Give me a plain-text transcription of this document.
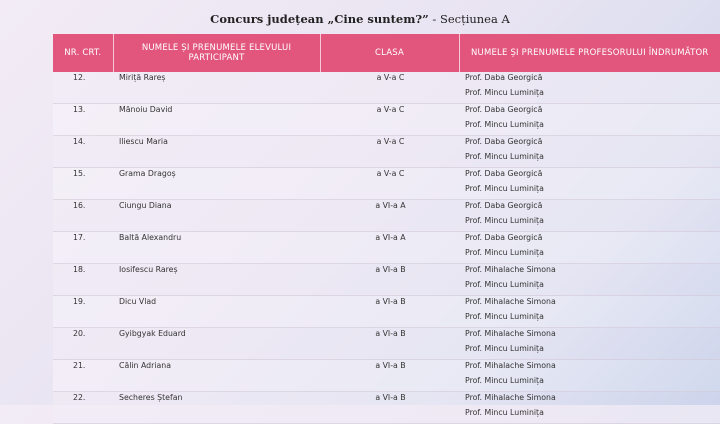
Concurs județean „Cine suntem?” - Secțiunea A
NR. CRT.	NUMELE ȘI PRENUMELE ELEVULUI PARTICIPANT	CLASA	NUMELE ȘI PRENUMELE PROFESORULUI ÎNDRUMĂTOR
12.	Miriță Rareș	a V-a C	Prof. Daba Georgică
Prof. Mincu Luminița

13.	Mănoiu David	a V-a C	Prof. Daba Georgică
Prof. Mincu Luminița

14.	Iliescu Maria	a V-a C	Prof. Daba Georgică
Prof. Mincu Luminița

15.	Grama Dragoș	a V-a C	Prof. Daba Georgică
Prof. Mincu Luminița

16.	Ciungu Diana	a VI-a A	Prof. Daba Georgică
Prof. Mincu Luminița

17.	Baltă Alexandru	a VI-a A	Prof. Daba Georgică
Prof. Mincu Luminița

18.	Iosifescu Rareș	a VI-a B	Prof. Mihalache Simona
Prof. Mincu Luminița

19.	Dicu Vlad	a VI-a B	Prof. Mihalache Simona
Prof. Mincu Luminița

20.	Gyibgyak Eduard	a VI-a B	Prof. Mihalache Simona
Prof. Mincu Luminița

21.	Călin Adriana	a VI-a B	Prof. Mihalache Simona
Prof. Mincu Luminița

22.	Secheres Ștefan	a VI-a B	Prof. Mihalache Simona
Prof. Mincu Luminița
